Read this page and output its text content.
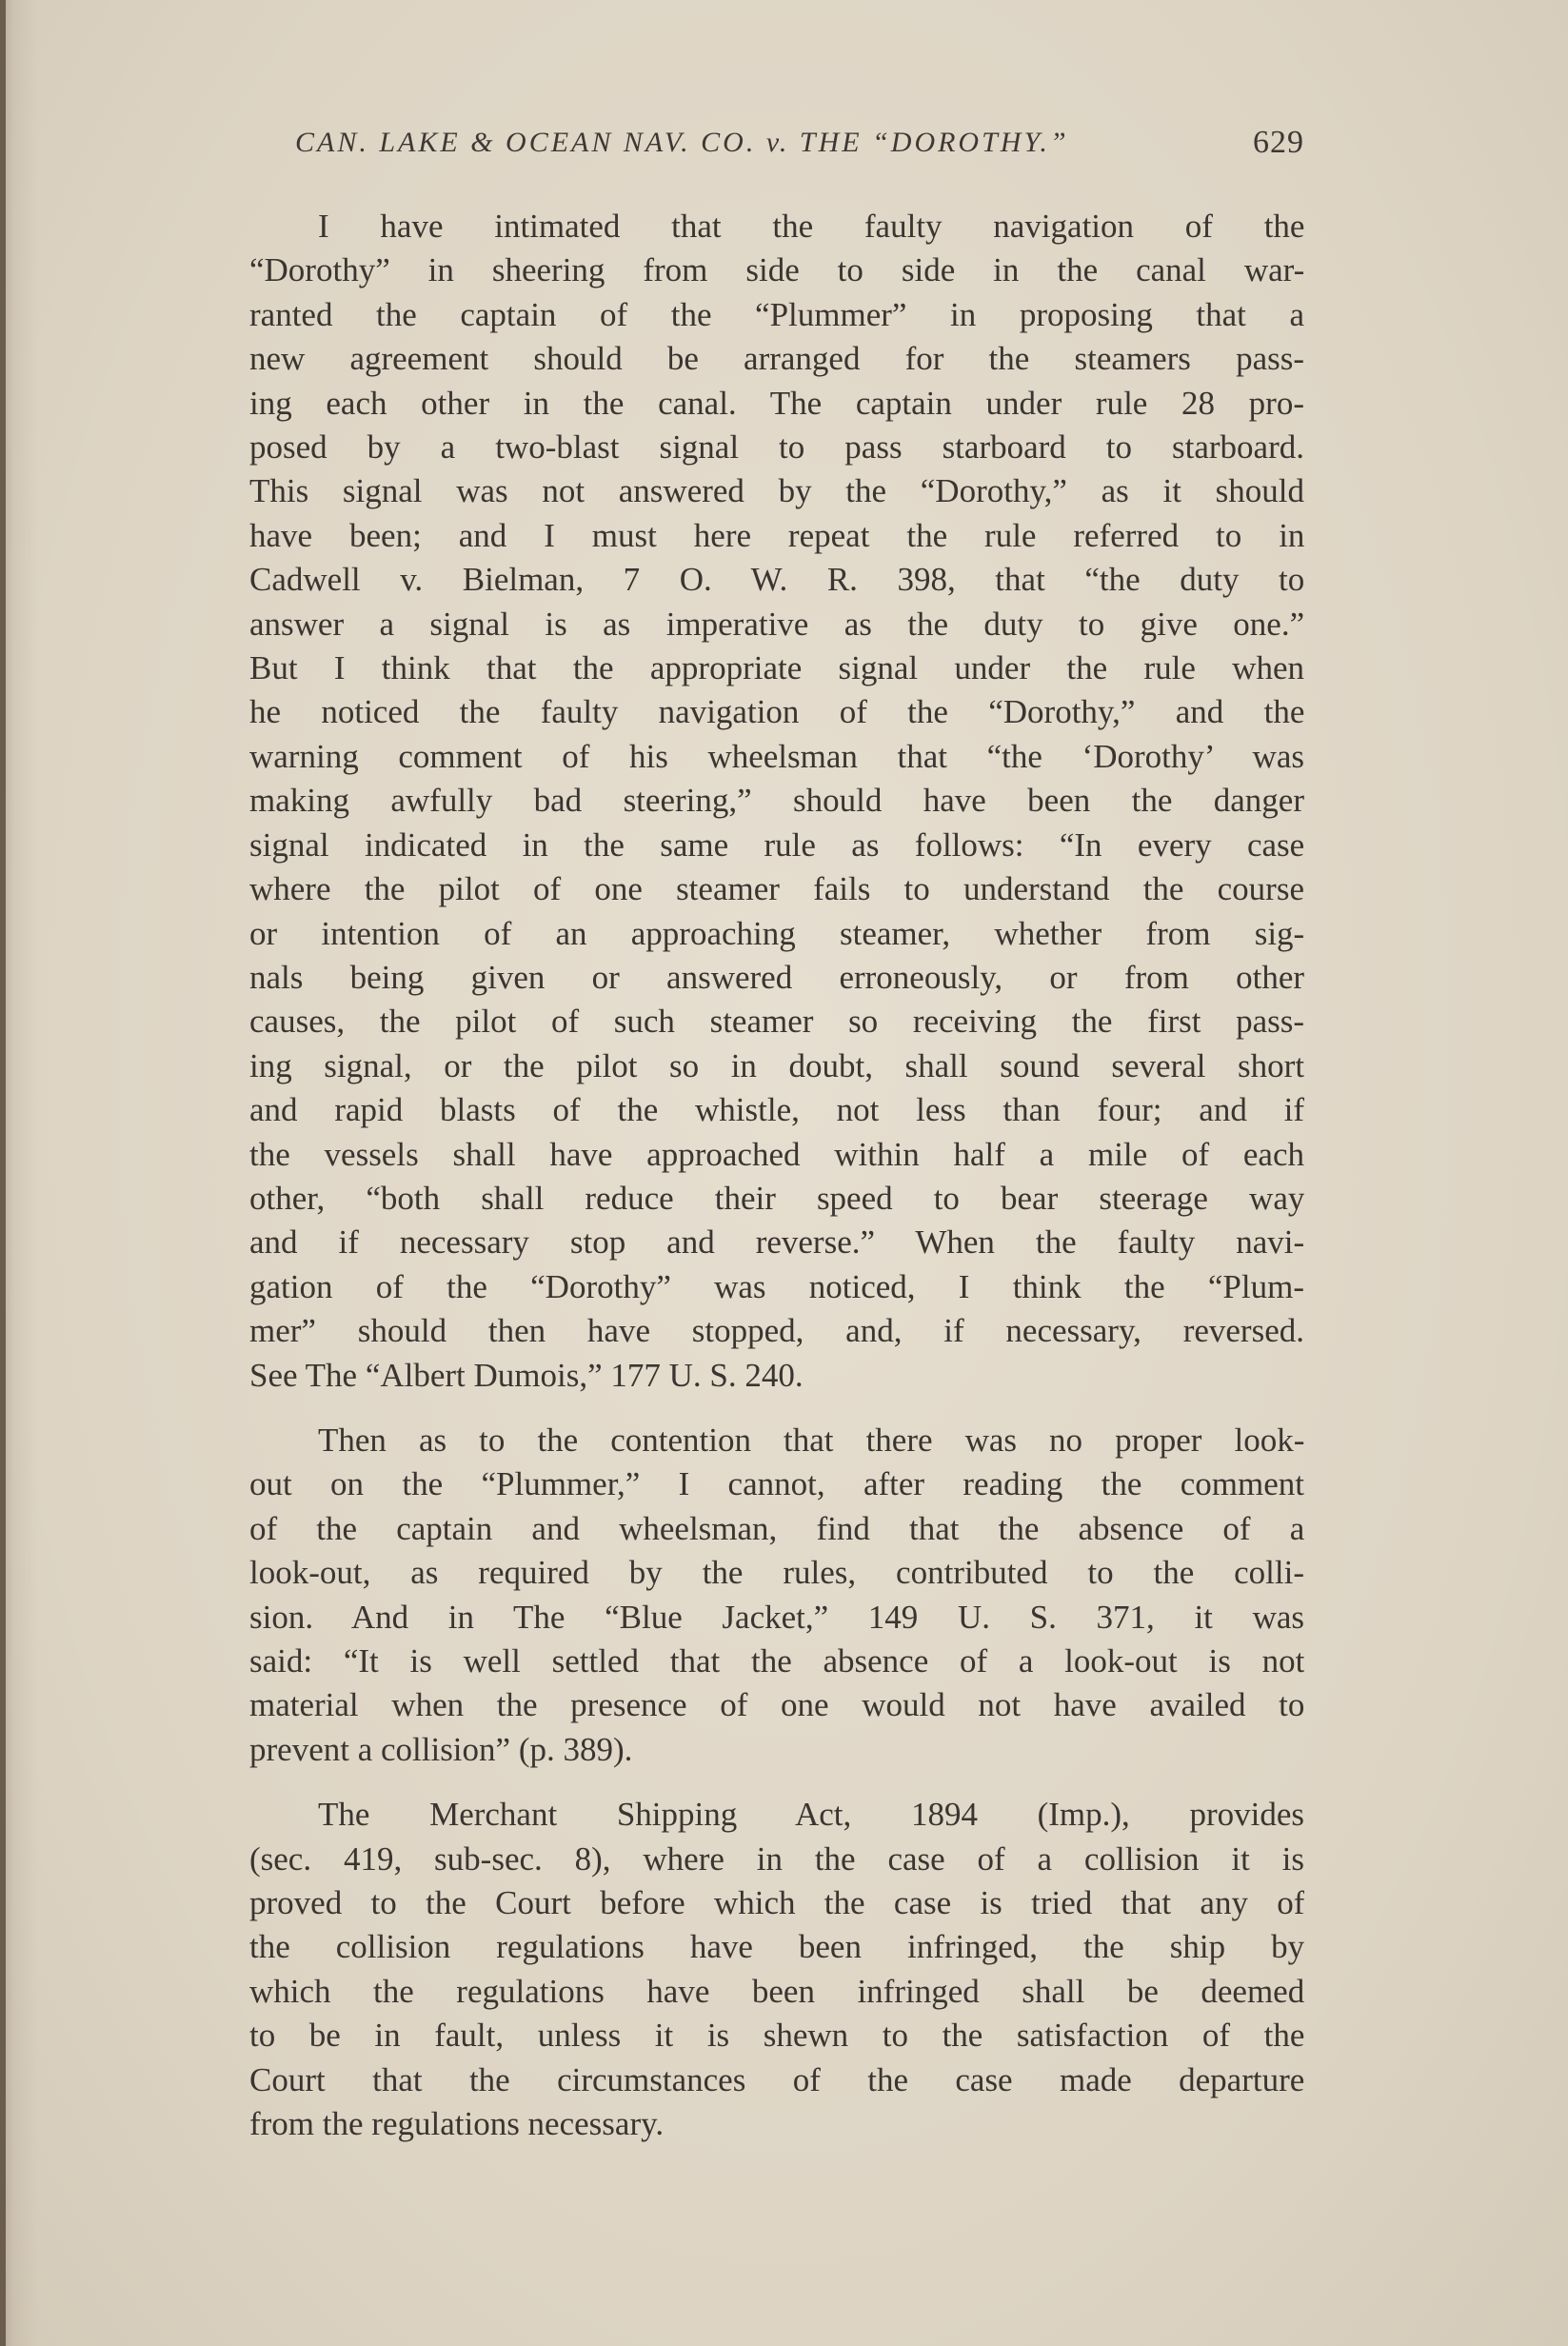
CAN. LAKE & OCEAN NAV. CO. v. THE “DOROTHY.”	629

I have intimated that the faulty navigation of the
“Dorothy” in sheering from side to side in the canal war-
ranted the captain of the “Plummer” in proposing that a
new agreement should be arranged for the steamers pass-
ing each other in the canal. The captain under rule 28 pro-
posed by a two-blast signal to pass starboard to starboard.
This signal was not answered by the “Dorothy,” as it should
have been; and I must here repeat the rule referred to in
Cadwell v. Bielman, 7 O. W. R. 398, that “the duty to
answer a signal is as imperative as the duty to give one.”
But I think that the appropriate signal under the rule when
he noticed the faulty navigation of the “Dorothy,” and the
warning comment of his wheelsman that “the ‘Dorothy’ was
making awfully bad steering,” should have been the danger
signal indicated in the same rule as follows: “In every case
where the pilot of one steamer fails to understand the course
or intention of an approaching steamer, whether from sig-
nals being given or answered erroneously, or from other
causes, the pilot of such steamer so receiving the first pass-
ing signal, or the pilot so in doubt, shall sound several short
and rapid blasts of the whistle, not less than four; and if
the vessels shall have approached within half a mile of each
other, “both shall reduce their speed to bear steerage way
and if necessary stop and reverse.” When the faulty navi-
gation of the “Dorothy” was noticed, I think the “Plum-
mer” should then have stopped, and, if necessary, reversed.
See The “Albert Dumois,” 177 U. S. 240.

Then as to the contention that there was no proper look-
out on the “Plummer,” I cannot, after reading the comment
of the captain and wheelsman, find that the absence of a
look-out, as required by the rules, contributed to the colli-
sion. And in The “Blue Jacket,” 149 U. S. 371, it was
said: “It is well settled that the absence of a look-out is not
material when the presence of one would not have availed to
prevent a collision” (p. 389).

The Merchant Shipping Act, 1894 (Imp.), provides
(sec. 419, sub-sec. 8), where in the case of a collision it is
proved to the Court before which the case is tried that any of
the collision regulations have been infringed, the ship by
which the regulations have been infringed shall be deemed
to be in fault, unless it is shewn to the satisfaction of the
Court that the circumstances of the case made departure
from the regulations necessary.
